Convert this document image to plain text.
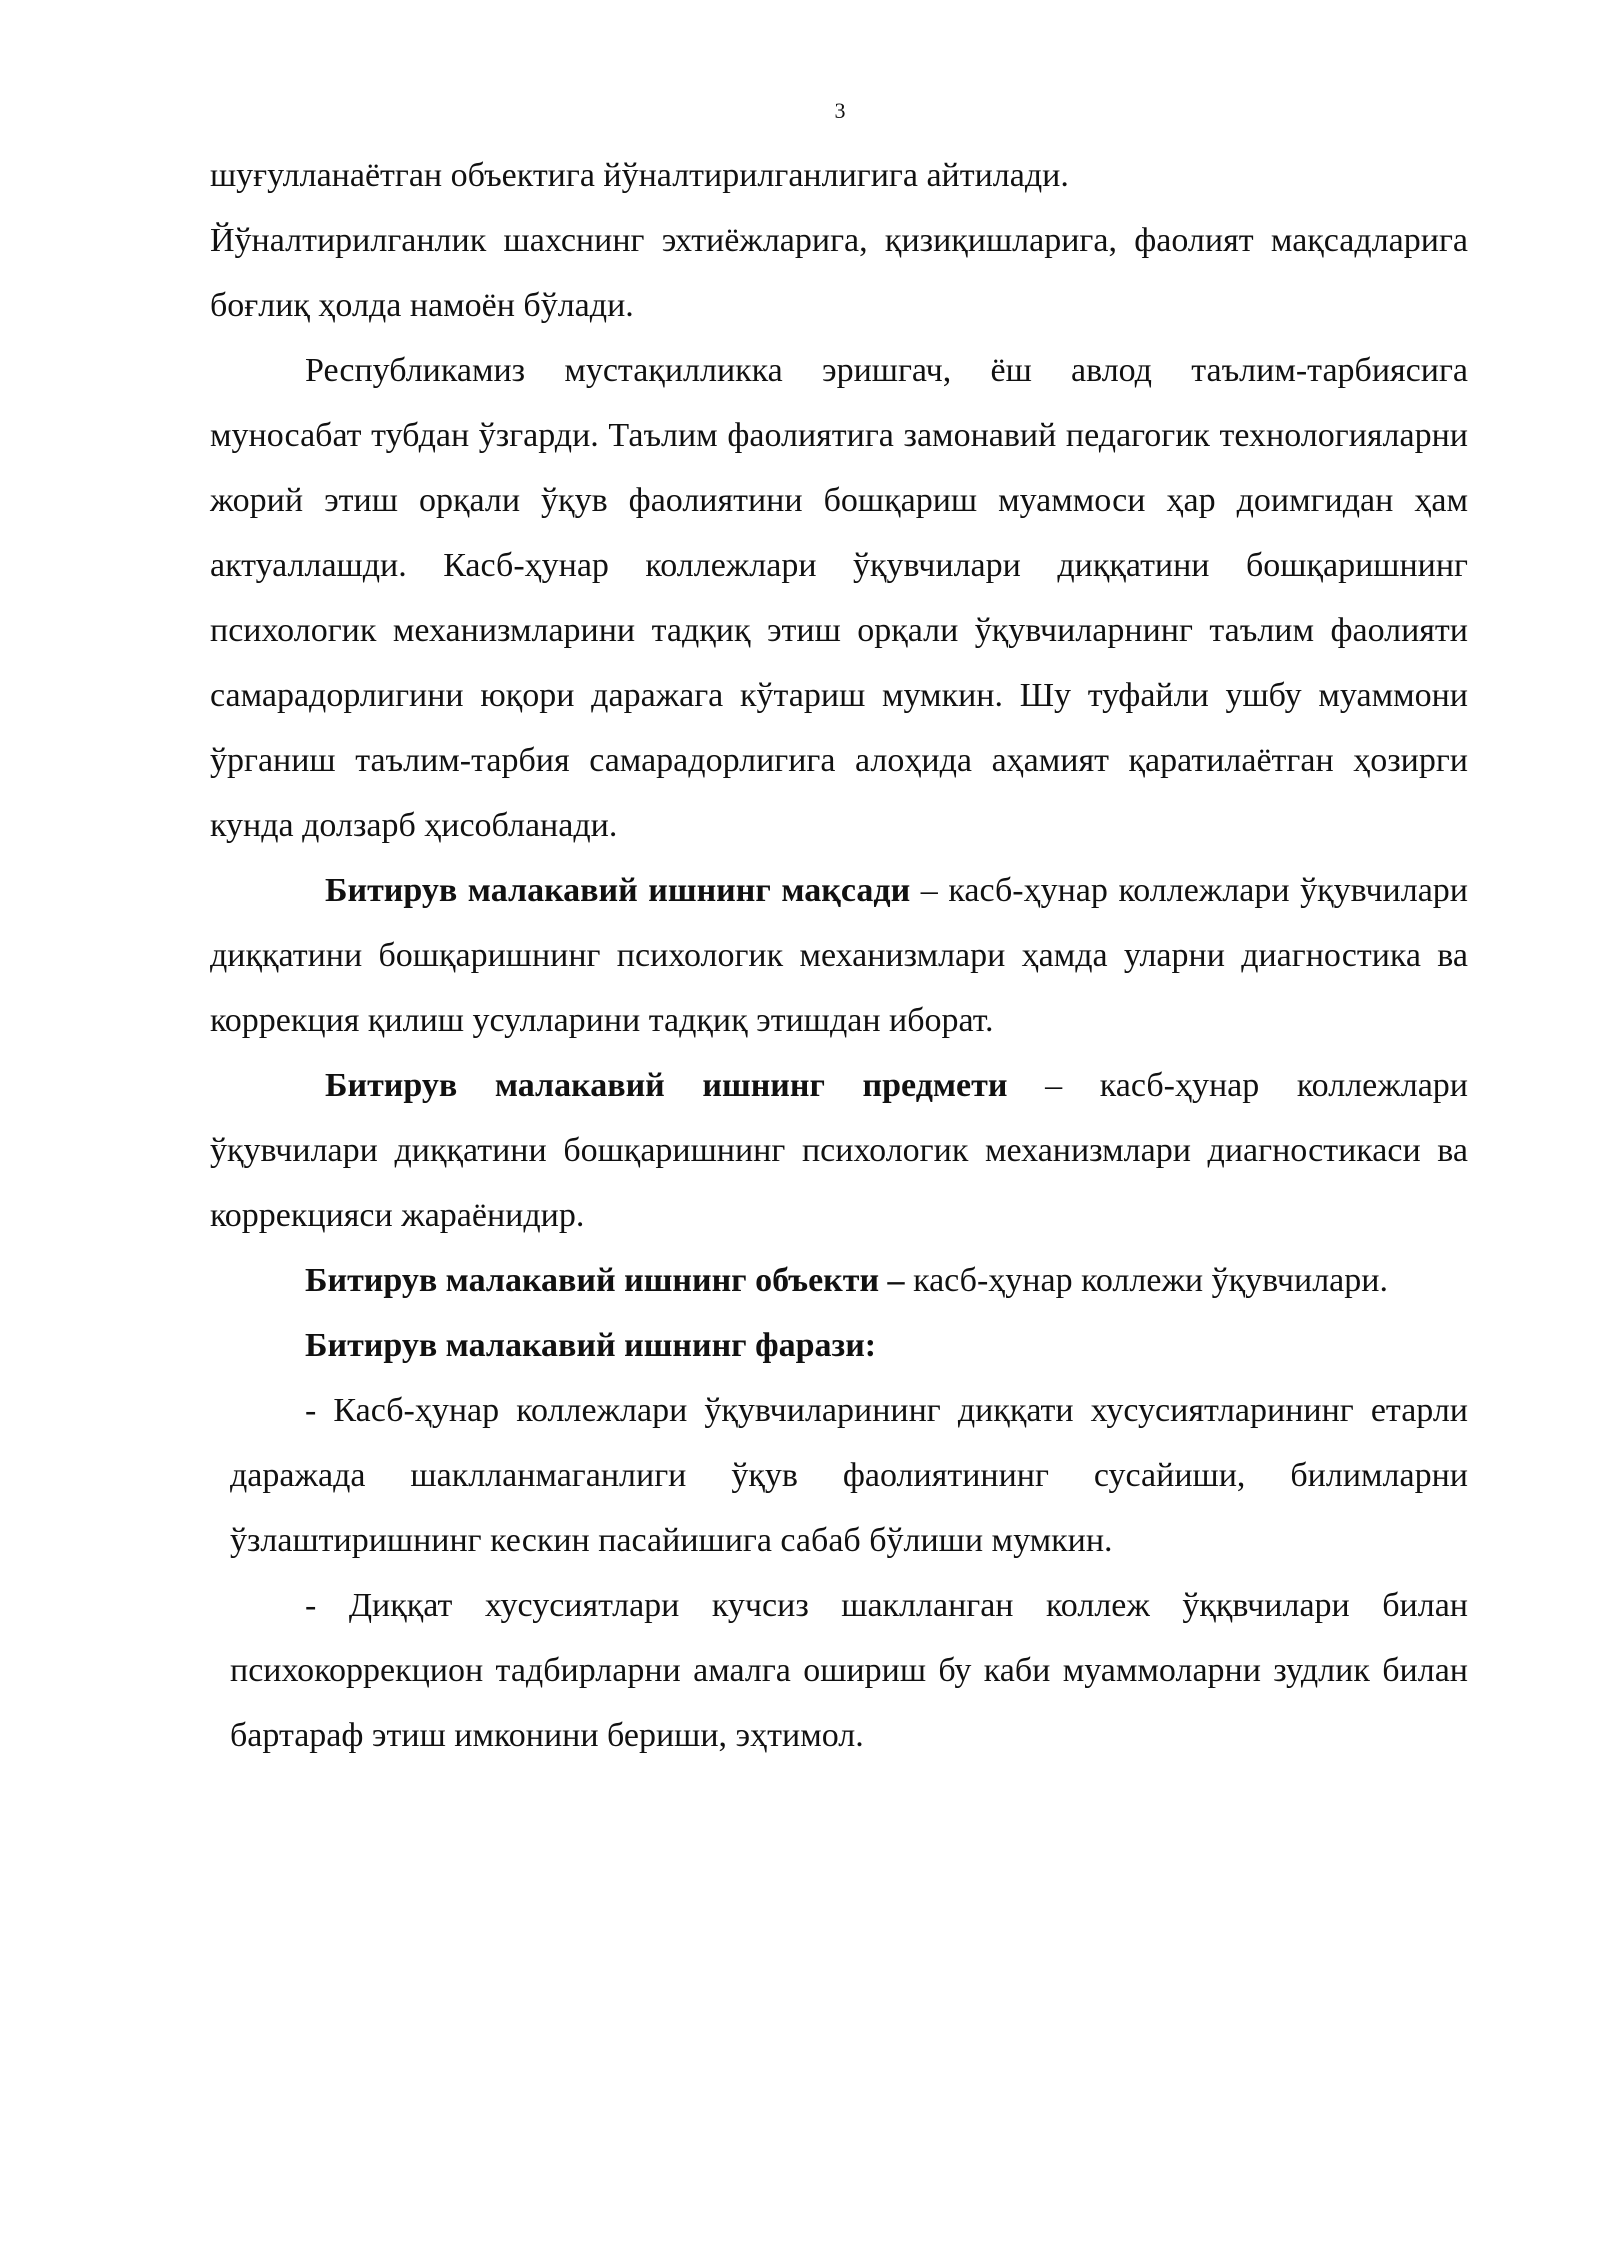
3

шуғулланаётган объектига йўналтирилганлигига айтилади.

Йўналтирилганлик шахснинг эхтиёжларига, қизиқишларига, фаолият мақсадларига боғлиқ ҳолда намоён бўлади.

Республикамиз мустақилликка эришгач, ёш авлод таълим-тарбиясига муносабат тубдан ўзгарди. Таълим фаолиятига замонавий педагогик технологияларни жорий этиш орқали ўқув фаолиятини бошқариш муаммоси ҳар доимгидан ҳам актуаллашди. Касб-ҳунар коллежлари ўқувчилари диққатини бошқаришнинг психологик механизмларини тадқиқ этиш орқали ўқувчиларнинг таълим фаолияти самарадорлигини юқори даражага кўтариш мумкин. Шу туфайли ушбу муаммони ўрганиш таълим-тарбия самарадорлигига алоҳида аҳамият қаратилаётган ҳозирги кунда долзарб ҳисобланади.

Битирув малакавий ишнинг мақсади – касб-ҳунар коллежлари ўқувчилари диққатини бошқаришнинг психологик механизмлари ҳамда уларни диагностика ва коррекция қилиш усулларини тадқиқ этишдан иборат.

Битирув малакавий ишнинг предмети – касб-ҳунар коллежлари ўқувчилари диққатини бошқаришнинг психологик механизмлари диагностикаси ва коррекцияси жараёнидир.

Битирув малакавий ишнинг объекти – касб-ҳунар коллежи ўқувчилари.

Битирув малакавий ишнинг фарази:

- Касб-ҳунар коллежлари ўқувчиларининг диққати хусусиятларининг етарли даражада шаклланмаганлиги ўқув фаолиятининг сусайиши, билимларни ўзлаштиришнинг кескин пасайишига сабаб бўлиши мумкин.

- Диққат хусусиятлари кучсиз шаклланган коллеж ўққвчилари билан психокоррекцион тадбирларни амалга ошириш бу каби муаммоларни зудлик билан бартараф этиш имконини бериши, эҳтимол.
